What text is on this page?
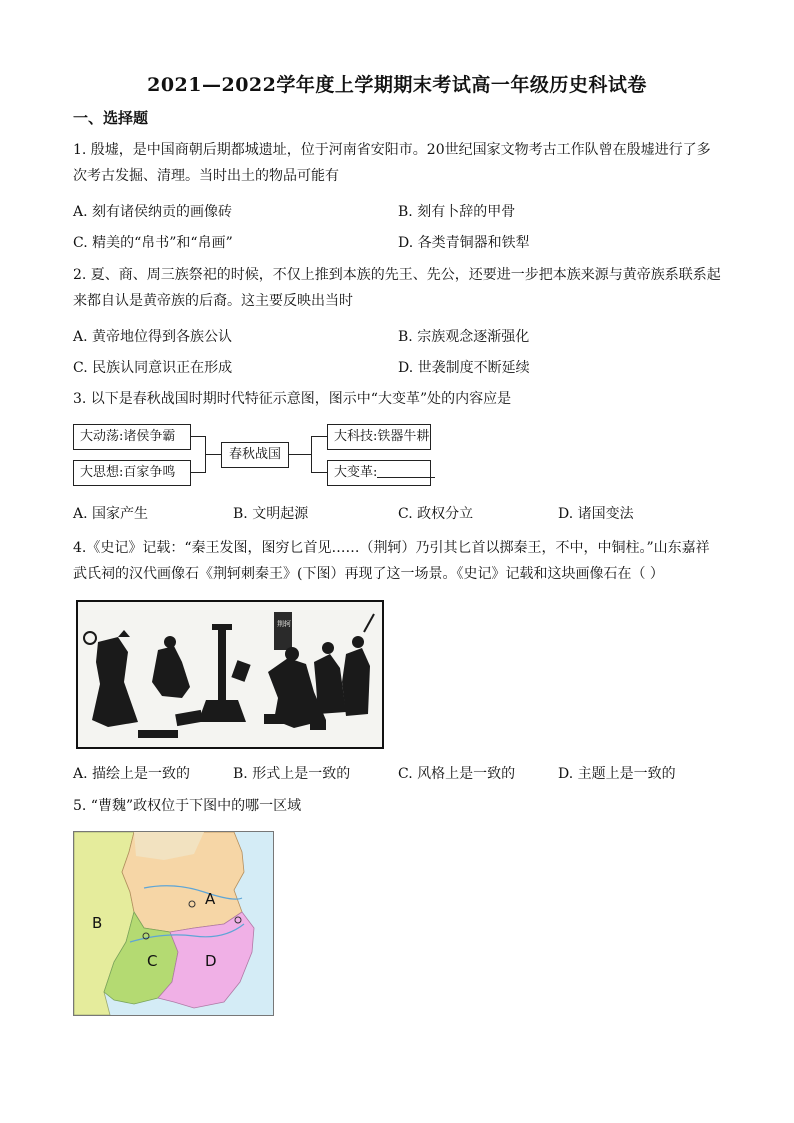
2021—2022学年度上学期期末考试高一年级历史科试卷
一、选择题
1. 殷墟，是中国商朝后期都城遗址，位于河南省安阳市。20世纪国家文物考古工作队曾在殷墟进行了多
次考古发掘、清理。当时出土的物品可能有
A. 刻有诸侯纳贡的画像砖	B. 刻有卜辞的甲骨
C. 精美的“帛书”和“帛画”	D. 各类青铜器和铁犁
2. 夏、商、周三族祭祀的时候，不仅上推到本族的先王、先公，还要进一步把本族来源与黄帝族系联系起
来都自认是黄帝族的后裔。这主要反映出当时
A. 黄帝地位得到各族公认	B. 宗族观念逐渐强化
C. 民族认同意识正在形成	D. 世袭制度不断延续
3. 以下是春秋战国时期时代特征示意图，图示中“大变革”处的内容应是
大动荡:诸侯争霸
大思想:百家争鸣
春秋战国
大科技:铁器牛耕
大变革:
A. 国家产生	B. 文明起源	C. 政权分立	D. 诸国变法
4.《史记》记载：“秦王发图，图穷匕首见……（荆轲）乃引其匕首以掷秦王，不中，中铜柱。”山东嘉祥
武氏祠的汉代画像石《荆轲刺秦王》(下图）再现了这一场景。《史记》记载和这块画像石在（ ）
荆轲
A. 描绘上是一致的	B. 形式上是一致的	C. 风格上是一致的	D. 主题上是一致的
5. “曹魏”政权位于下图中的哪一区域
A
B
C	D
